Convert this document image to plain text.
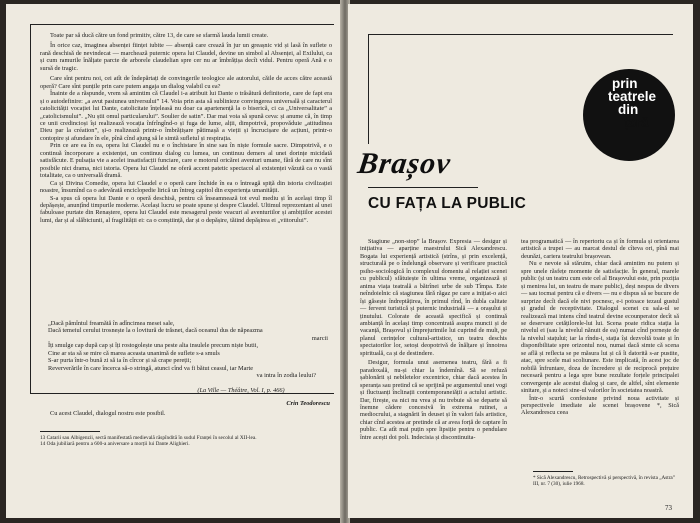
Toate par să ducă către un fond primitiv, către 13, de care se sfarmă lauda lumii create.

În orice caz, imaginea absenței ființei iubite — absență care crează în jur un greașnic vid și lasă în suflete o rană deschisă de nevindecat — marchează puternic opera lui Claudel, devine un simbol al Absenței, al Exilului, ca și cum ramurile înălțate parcte de arborele claudelian spre cer nu ar îmbrățișa decît vidul. Pentru operă Ană e o sursă de tragic.

Care sînt pentru noi, cei atît de îndepărtați de convingerile teologice ale autorului, căile de acces către această operă? Care sînt punțile prin care putem angaja un dialog valabil cu ea?

Înainte de a răspunde, vrem să amintim că Claudel i-a atribuit lui Dante o trăsătură definitorie, care de fapt era și o autodefinire: „a avut pasiunea universului” 14. Voia prin asta să sublinieze convingerea universală și caracterul catolicității vocației lui Dante, catolicitate înțeleasă nu doar ca apartenență la o biserică, ci ca „Universalitate” a „catolicismului”. „Nu știi omul particularului”. Soulier de satin”. Dar mai voia să spună ceva: și anume că, în timp ce unii credincioși își realizează vocația înfrîngînd-o și fuga de lume, alții, dimpotrivă, propovăduie „atitudinea Dieu par la création”, și-o realizează printr-o îmbrățișare pătimașă a vieții și încrucișare de acțiuni, printr-o contopire și afundare în ele, pînă cînd ajung să le simtă sufletul și respirația.

Prin ce are ea în ea, opera lui Claudel nu e o închistare în sine sau în niște formule sacre. Dimpotrivă, e o continuă încorporare a existenței, un continuu dialog cu lumea, un continuu demers al unei dorințe micidată satisfăcute. E pulsația vie a acelei insatisfacții funciare, care e motorul oricărei aventuri umane, fără de care nu sînt posibile nici drama, nici istoria. Opera lui Claudel ne oferă accent patetic spectacol al existenței văzută ca o vastă totalitate, ca o universală dramă.

Ca și Divina Comedie, opera lui Claudel e o operă care închide în ea o întreagă spiță din istoria civilizației noastre, însumînd ca o adevărată enciclopedie lirică un întreg capitol din experiența umanității.

S-a spus că opera lui Dante e o operă deschisă, pentru că înseamnează tot evul mediu și în același timp îl depășește, anunțînd timpurile moderne. Același lucru se poate spune și despre Claudel. Ultimul reprezentant al unei fabuloase purtate din Renaștere, opera lui Claudel este mesagerul peste veacuri al aventuriilor și ambițiilor acestei lumi, dar și al slăbiciunii, al fragilității ei: ca o conștiință, dar și o depășire, tăiind depășirea ei „viitorului”.

„Dacă pămîntul freamătă în adîncimea mesei sale,
Dacă temeiul cerului trosnește la o lovitură de trăsnet, dacă oceanul dus de năpeazma
marcii
Îți smulge cap după cap și îți rostogolește una peste alta insulele precum niște butii,
Cine ar sta să se mire că marea aceasta unanimă de suflete s-a smuls
S-ar purta într-o bună zi să ia în cîrcor și să crape pereții;
Reververările în care încerca să-o stringă, atunci cînd va fi bătut ceasul, iar Marte
va intra în zodia leului?
(La Ville — Théâtre, Vol. I, p. 466)
Crin Teodorescu
Cu acest Claudel, dialogul nostru este posibil.
13 Catarii sau Albigenzii, sectă manifestată medievală răspîndită în sudul Franței în secolul al XII-lea.
14 Oda jubiliară pentru a 600-a aniversare a morții lui Dante Alighieri.
prin
teatrele
din
țară
Brașov
CU FAȚA LA PUBLIC

Stagiune „non-stop” la Brașov. Expresia — desigur și inițiativa — aparține maestrului Sică Alexandrescu. Bogata lui experiență artistică (strîns, și prin excelență, structurală pe o îndelungă observare și verificare practică psiho-sociologică în complexul domeniu al relației scenei cu publicul) sfătuiește în ultima vreme, organizează și anima viața teatrală a bătrînei urbe de sub Tîmpa. Este neîndoielnic că stagiunea fără răgaz pe care a inițiat-o aici își găsește îndreptățirea, în primul rînd, în dubla calitate — fervent turistică și puternic industrială — a orașului și ținutului. Colorate de această specifică și continuă ambianță în același timp concentrată asupra muncii și de vacanță, Brașovul și împrejurimile lui cuprind de mult, pe planul cerințelor cultural-artistice, un teatru deschis spectatorilor lor, setoși deopotrivă de înălțare și înnoirea spirituală, ca și de destindere.

Desigur, formula unui asemenea teatru, fără a fi paradoxală, nu-și chiar la îndemînă. Să se refuză șablonării și nebiletelor excentrice, chiar dacă acestea în speranța sau pretind că se sprijină pe argumentul unei vogi și fluctuanți înclinații contemporaneiății a actului artistic. Dar, firește, ea nici nu vrea și nu trebuie să se departe să înemne cădere concesivă în extrema rutinei, a mediocrului, a stagnării în deuset și în valori fals artistice, chiar cînd acestea ar pretinde că ar avea forță de captare în public. Ca atît mai puțin spre lipsiție pentru o pendulare între acești doi poli. Indecisia și discontinuita-

tea programatică — în repertoriu ca și în formula și orientarea artistică a trupei — au marcat destul de cîteva ori, pînă mai deunăzi, cariera teatrului brașovean.

Nu e nevoie să stăruim, chiar dacă amintim nu putem și spre unele răsfețe momente de satisfacție. În general, marele public (și un teatru cum este cel al Brașovului este, prin poziția și menirea lui, un teatru de mare public), deși nespus de divers — sau tocmai pentru că e divers — nu e dispus să se bucure de surprize decît dacă ele nivi pocnesc, e-i potoace tezaul gustul și gradul de receptivitate. Dialogul scenei cu sala-ul se realizează mai intens cînd teatrul devine ecounperator decît să se deservare cetățilorele-lui lui. Scena poate ridica stația la nivelul ei (sau la nivelul nănuit de ea) numai cînd pornește de la nivelul stațului; iar la rîndu-i, stația își dezvoltă toate și în disponibilitate spre orizontul nou, numai dacă simte că scena se află și reflecta se pe măsura lui și că îi datorită s-ar pustite, atac, spre scele mai scoliunare. Este implicată, în acest joc de nobilă înfruntare, doza de încredere și de reciprocă prețuire necesară pentru a lega spre bune rezultate forțele principalei convergențe ale acestui dialog și care, de altfel, sînt elemente sinitare, și a noteci sine-ul valorilor în societatea noastră.

Într-o scurtă confesiune privind noua activitate și perspectivele imediate ale scenei brașovene *, Sică Alexandrescu ceea

* Sică Alexandrescu, Retrospectivă și perspectivă, în revista „Astra” III, nr. 7 (30), iulie 1968.
73
